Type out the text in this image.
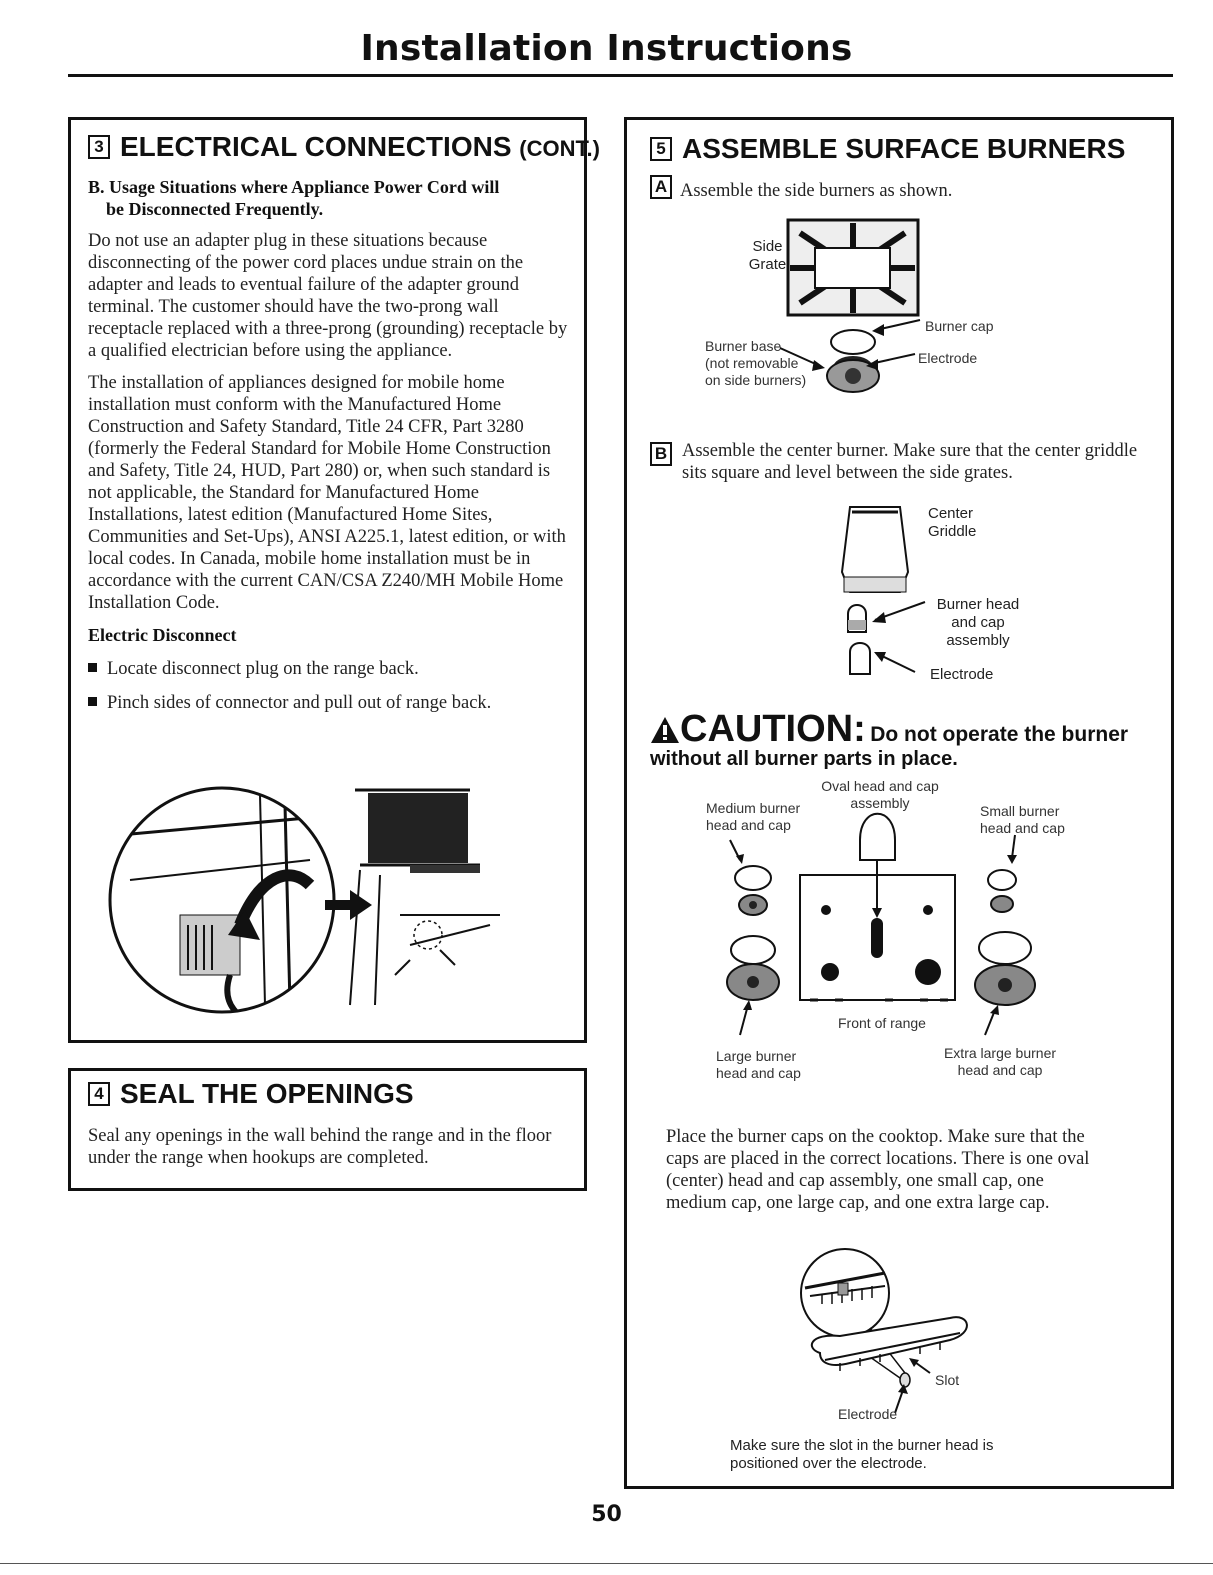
Installation Instructions
3 ELECTRICAL CONNECTIONS (CONT.)

B. Usage Situations where Appliance Power Cord will
be Disconnected Frequently.

Do not use an adapter plug in these situations because disconnecting of the power cord places undue strain on the adapter and leads to eventual failure of the adapter ground terminal. The customer should have the two-prong wall receptacle replaced with a three-prong (grounding) receptacle by a qualified electrician before using the appliance.

The installation of appliances designed for mobile home installation must conform with the Manufactured Home Construction and Safety Standard, Title 24 CFR, Part 3280 (formerly the Federal Standard for Mobile Home Construction and Safety, Title 24, HUD, Part 280) or, when such standard is not applicable, the Standard for Manufactured Home Installations, latest edition (Manufactured Home Sites, Communities and Set-Ups), ANSI A225.1, latest edition, or with local codes. In Canada, mobile home installation must be in accordance with the current CAN/CSA Z240/MH Mobile Home Installation Code.

Electric Disconnect

Locate disconnect plug on the range back.

Pinch sides of connector and pull out of range back.

4 SEAL THE OPENINGS

Seal any openings in the wall behind the range and in the floor under the range when hookups are completed.

5 ASSEMBLE SURFACE BURNERS
A Assemble the side burners as shown.
Side
Grate
Burner cap
Burner base
(not removable
on side burners)
Electrode
B Assemble the center burner. Make sure that the center griddle sits square and level between the side grates.

Center
Griddle
Burner head
and cap
assembly
Electrode
CAUTION: Do not operate the burner
without all burner parts in place.
Oval head and cap
assembly
Medium burner
head and cap
Small burner
head and cap
Front of range
Large burner
head and cap
Extra large burner
head and cap

Place the burner caps on the cooktop. Make sure that the caps are placed in the correct locations. There is one oval (center) head and cap assembly, one small cap, one medium cap, one large cap, and one extra large cap.

Slot
Electrode
Make sure the slot in the burner head is
positioned over the electrode.
50
